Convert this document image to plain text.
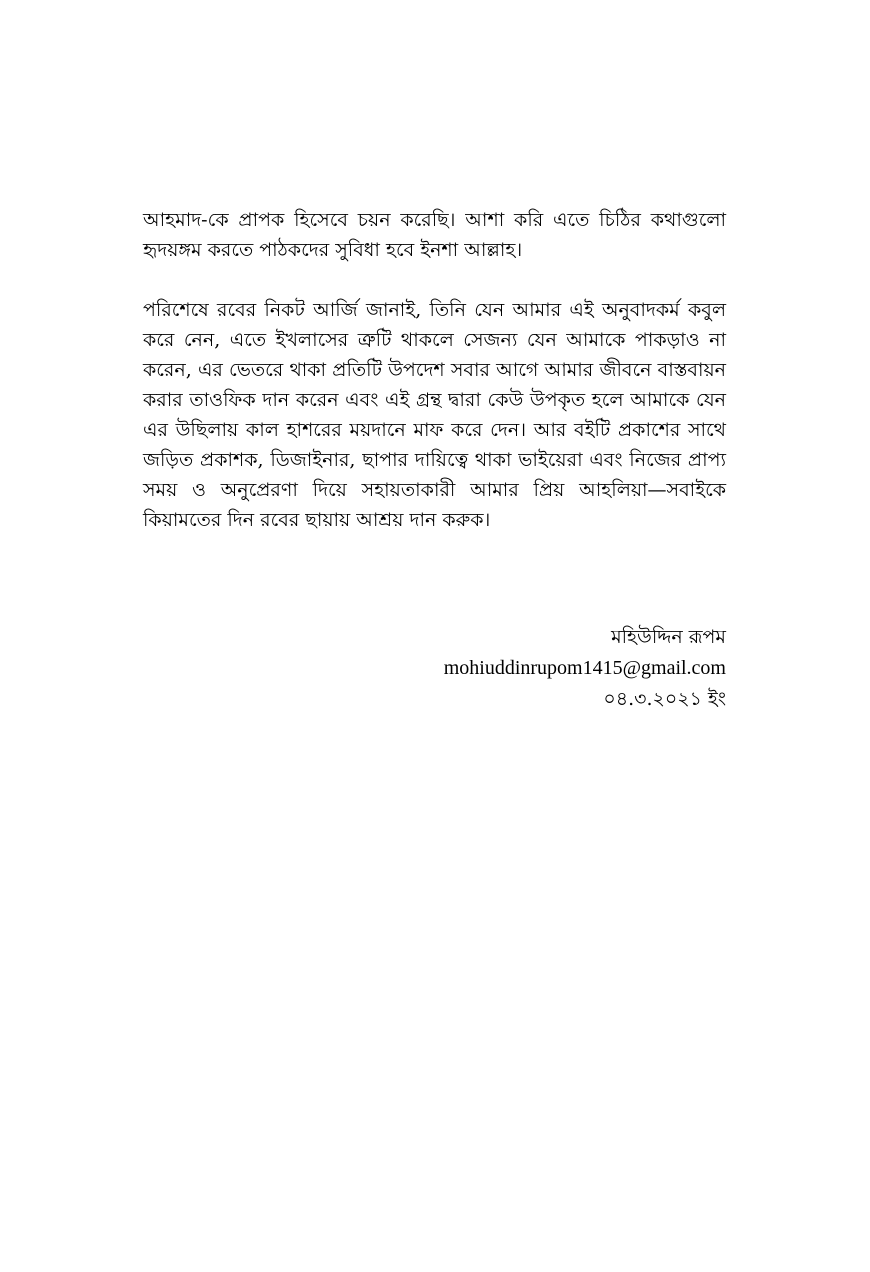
আহমাদ-কে প্রাপক হিসেবে চয়ন করেছি। আশা করি এতে চিঠির কথাগুলো হৃদয়ঙ্গম করতে পাঠকদের সুবিধা হবে ইনশা আল্লাহ।

পরিশেষে রবের নিকট আর্জি জানাই, তিনি যেন আমার এই অনুবাদকর্ম কবুল করে নেন, এতে ইখলাসের ত্রুটি থাকলে সেজন্য যেন আমাকে পাকড়াও না করেন, এর ভেতরে থাকা প্রতিটি উপদেশ সবার আগে আমার জীবনে বাস্তবায়ন করার তাওফিক দান করেন এবং এই গ্রন্থ দ্বারা কেউ উপকৃত হলে আমাকে যেন এর উছিলায় কাল হাশরের ময়দানে মাফ করে দেন। আর বইটি প্রকাশের সাথে জড়িত প্রকাশক, ডিজাইনার, ছাপার দায়িত্বে থাকা ভাইয়েরা এবং নিজের প্রাপ্য সময় ও অনুপ্রেরণা দিয়ে সহায়তাকারী আমার প্রিয় আহলিয়া—সবাইকে কিয়ামতের দিন রবের ছায়ায় আশ্রয় দান করুক।

মহিউদ্দিন রূপম
mohiuddinrupom1415@gmail.com
০৪.৩.২০২১ ইং
